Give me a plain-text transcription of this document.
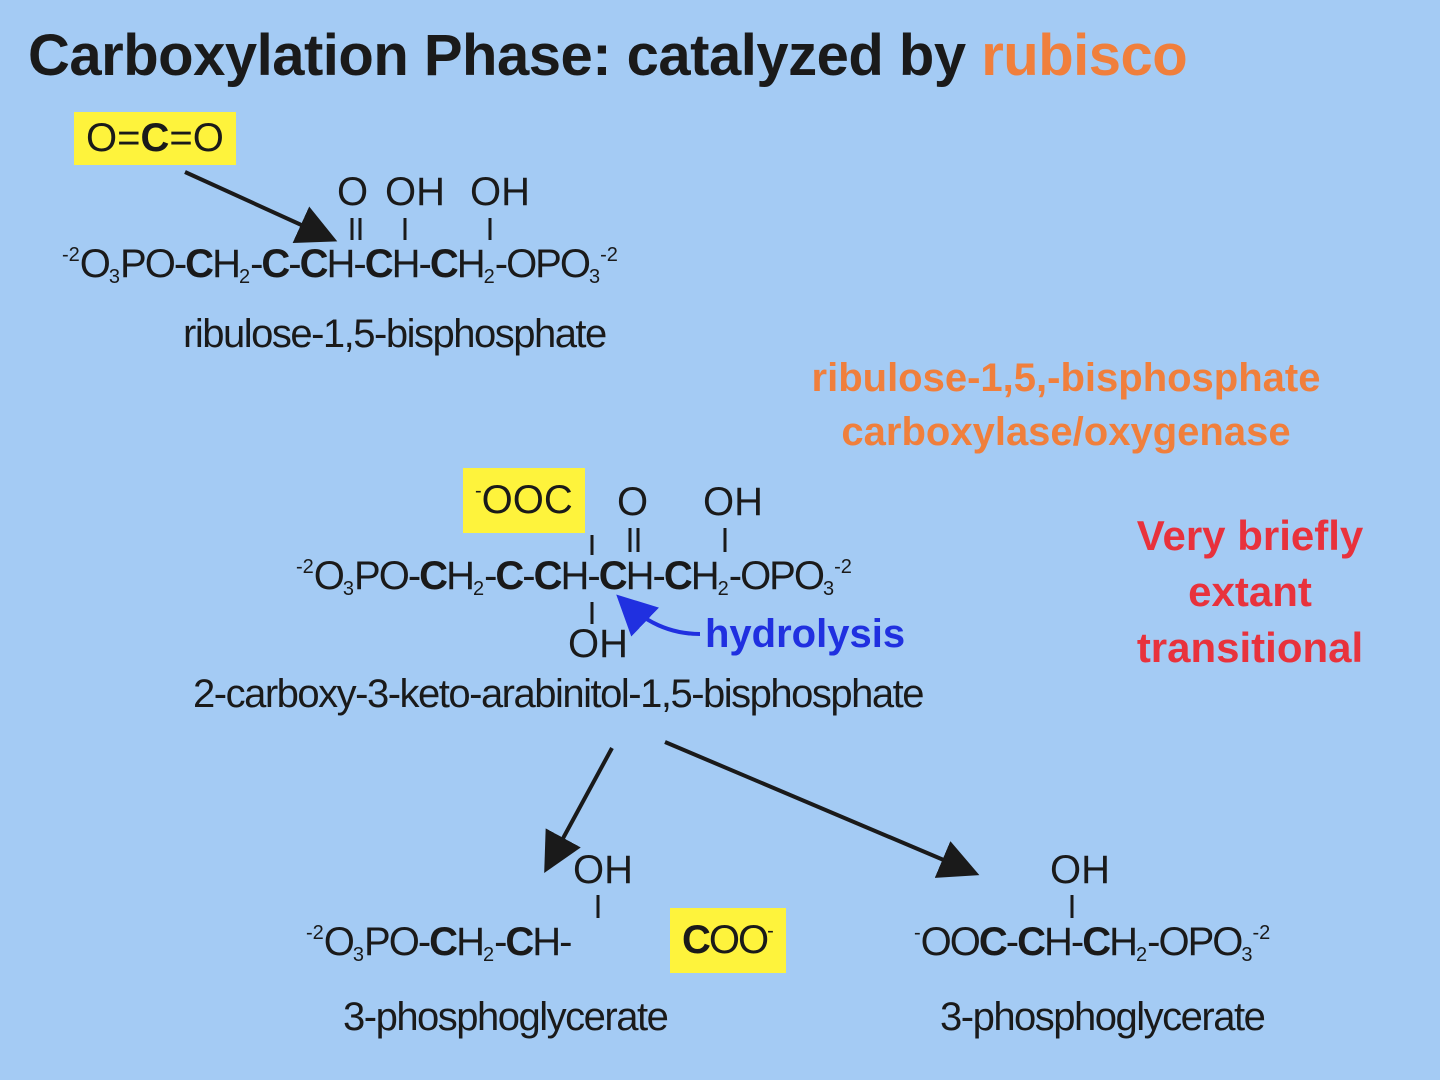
Carboxylation Phase: catalyzed by rubisco
O=C=O
O OH OH
$^{-2}O_3PO-CH_2-C-CH-CH-CH_2-OPO_3^{-2}$
ribulose-1,5-bisphosphate
ribulose-1,5,-bisphosphate
carboxylase/oxygenase
-OOC	O OH
$^{-2}O_3PO-CH_2-C-CH-CH-CH_2-OPO_3^{-2}$
OH hydrolysis
2-carboxy-3-keto-arabinitol-1,5-bisphosphate
Very briefly
extant
transitional
OH
$^{-2}O_3PO-CH_2-CH-$	COO-
3-phosphoglycerate
OH
$^-OOC-CH-CH_2-OPO_3^{-2}$
3-phosphoglycerate
